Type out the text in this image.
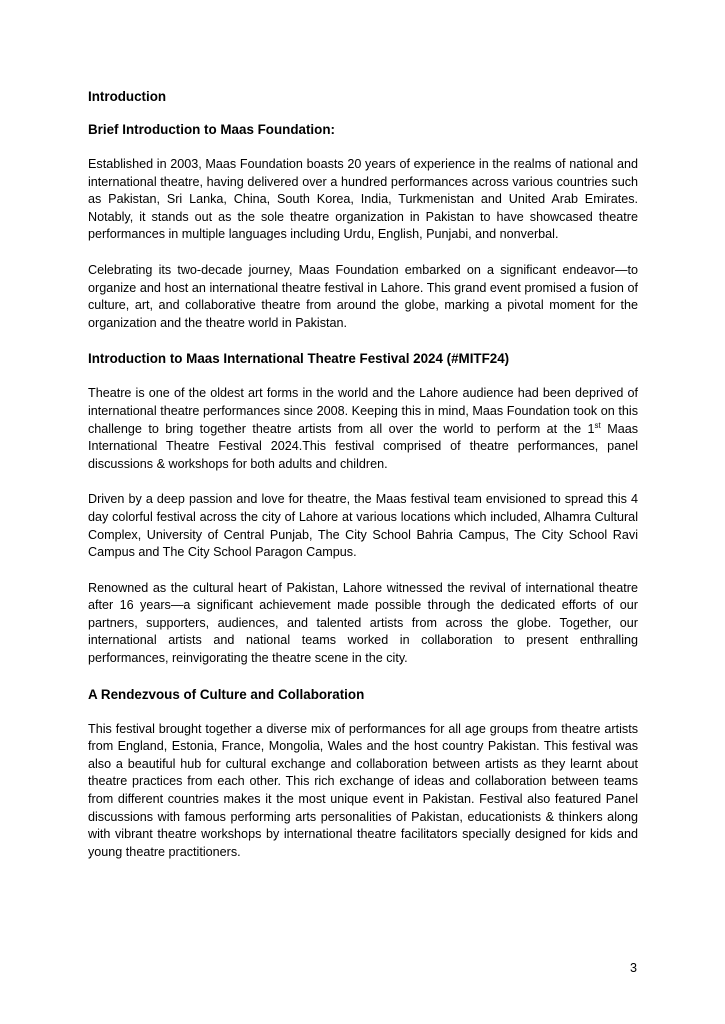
Introduction
Brief Introduction to Maas Foundation:

Established in 2003, Maas Foundation boasts 20 years of experience in the realms of national and international theatre, having delivered over a hundred performances across various countries such as Pakistan, Sri Lanka, China, South Korea, India, Turkmenistan and United Arab Emirates. Notably, it stands out as the sole theatre organization in Pakistan to have showcased theatre performances in multiple languages including Urdu, English, Punjabi, and nonverbal.

Celebrating its two-decade journey, Maas Foundation embarked on a significant endeavor—to organize and host an international theatre festival in Lahore. This grand event promised a fusion of culture, art, and collaborative theatre from around the globe, marking a pivotal moment for the organization and the theatre world in Pakistan.

Introduction to Maas International Theatre Festival 2024 (#MITF24)

Theatre is one of the oldest art forms in the world and the Lahore audience had been deprived of international theatre performances since 2008. Keeping this in mind, Maas Foundation took on this challenge to bring together theatre artists from all over the world to perform at the 1st Maas International Theatre Festival 2024.This festival comprised of theatre performances, panel discussions & workshops for both adults and children.

Driven by a deep passion and love for theatre, the Maas festival team envisioned to spread this 4 day colorful festival across the city of Lahore at various locations which included, Alhamra Cultural Complex, University of Central Punjab, The City School Bahria Campus, The City School Ravi Campus and The City School Paragon Campus.

Renowned as the cultural heart of Pakistan, Lahore witnessed the revival of international theatre after 16 years—a significant achievement made possible through the dedicated efforts of our partners, supporters, audiences, and talented artists from across the globe. Together, our international artists and national teams worked in collaboration to present enthralling performances, reinvigorating the theatre scene in the city.

A Rendezvous of Culture and Collaboration

This festival brought together a diverse mix of performances for all age groups from theatre artists from England, Estonia, France, Mongolia, Wales and the host country Pakistan. This festival was also a beautiful hub for cultural exchange and collaboration between artists as they learnt about theatre practices from each other. This rich exchange of ideas and collaboration between teams from different countries makes it the most unique event in Pakistan. Festival also featured Panel discussions with famous performing arts personalities of Pakistan, educationists & thinkers along with vibrant theatre workshops by international theatre facilitators specially designed for kids and young theatre practitioners.

3
